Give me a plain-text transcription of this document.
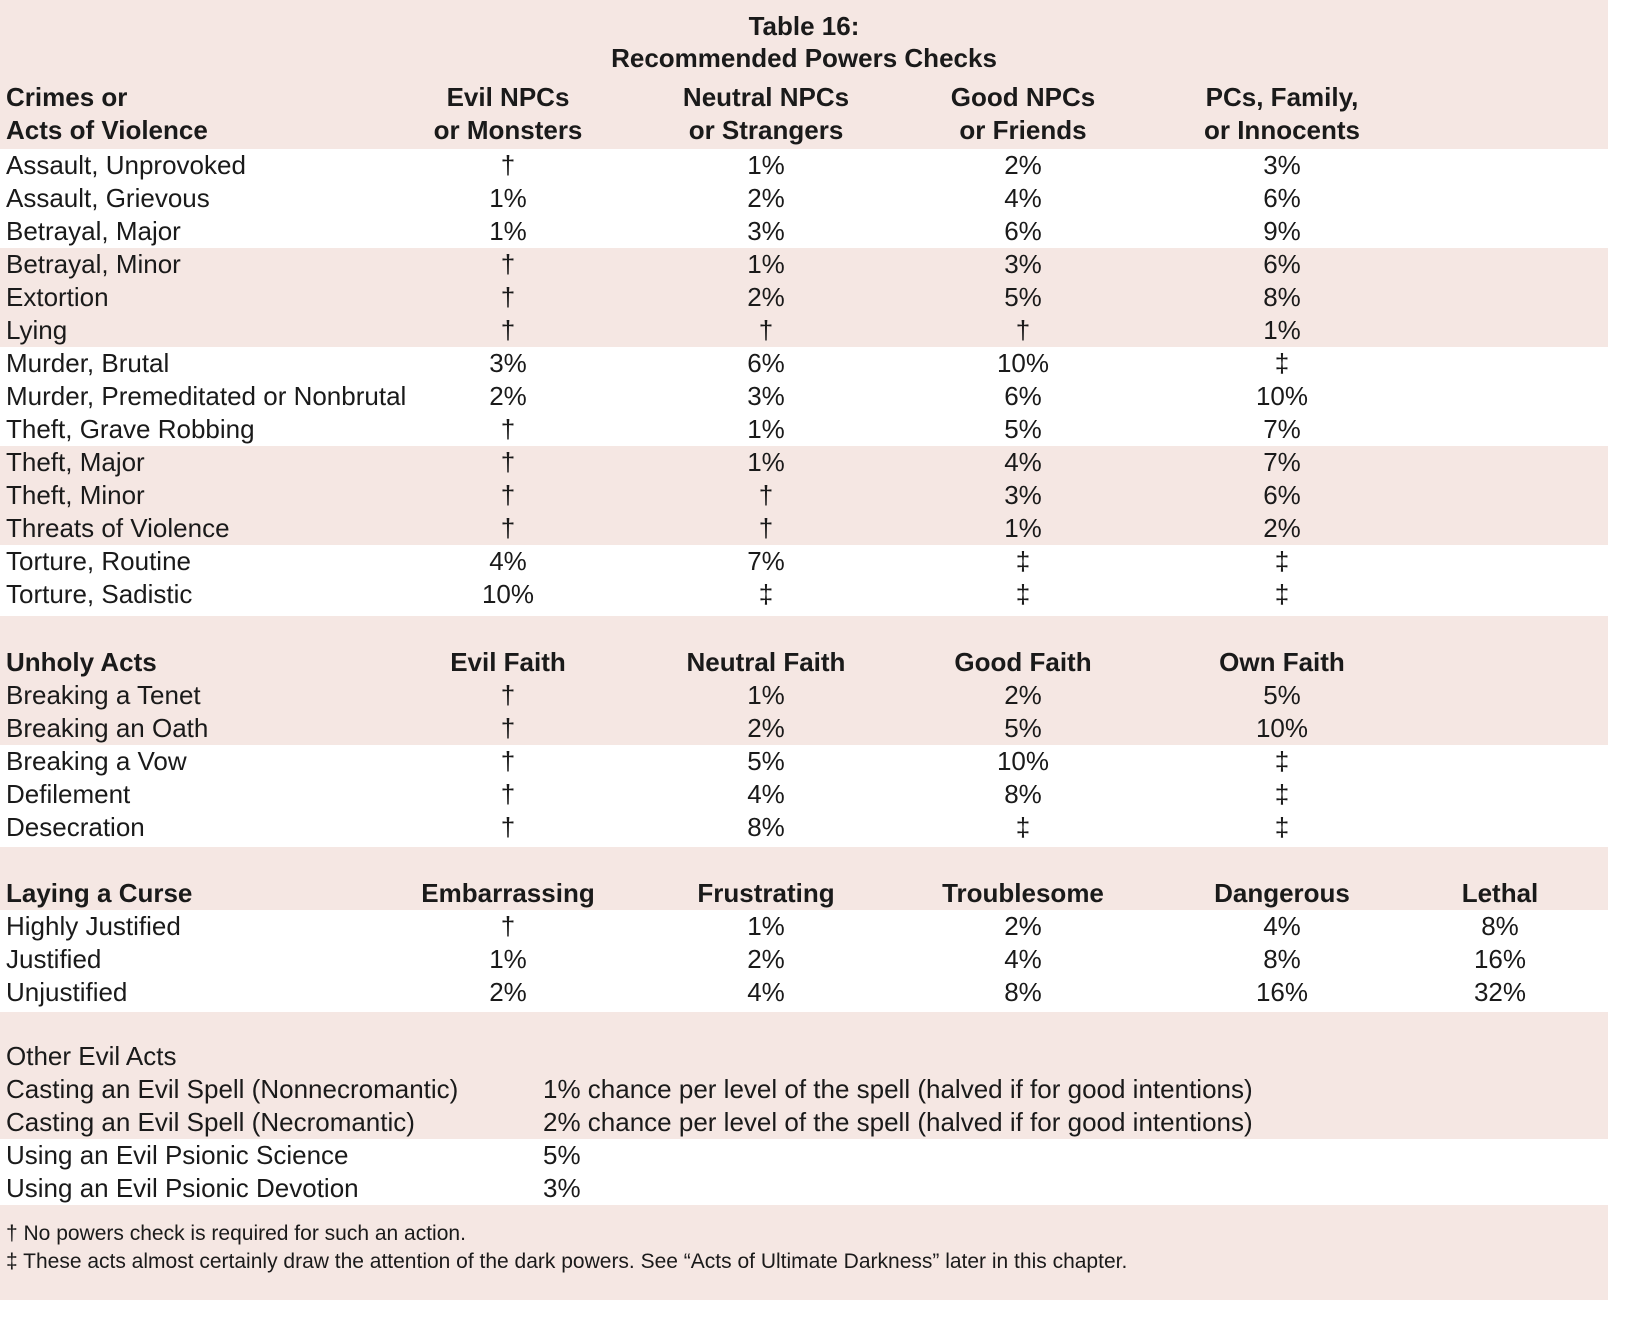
Table 16:
Recommended Powers Checks
Crimes or	Evil NPCs	Neutral NPCs	Good NPCs	PCs, Family,
Acts of Violence	or Monsters	or Strangers	or Friends	or Innocents
Assault, Unprovoked	†	1%	2%	3%
Assault, Grievous	1%	2%	4%	6%
Betrayal, Major	1%	3%	6%	9%
Betrayal, Minor	†	1%	3%	6%
Extortion	†	2%	5%	8%
Lying	†	†	†	1%
Murder, Brutal	3%	6%	10%	‡
Murder, Premeditated or Nonbrutal	2%	3%	6%	10%
Theft, Grave Robbing	†	1%	5%	7%
Theft, Major	†	1%	4%	7%
Theft, Minor	†	†	3%	6%
Threats of Violence	†	†	1%	2%
Torture, Routine	4%	7%	‡	‡
Torture, Sadistic	10%	‡	‡	‡
Unholy Acts	Evil Faith	Neutral Faith	Good Faith	Own Faith
Breaking a Tenet	†	1%	2%	5%
Breaking an Oath	†	2%	5%	10%
Breaking a Vow	†	5%	10%	‡
Defilement	†	4%	8%	‡
Desecration	†	8%	‡	‡
Laying a Curse	Embarrassing	Frustrating	Troublesome	Dangerous	Lethal
Highly Justified	†	1%	2%	4%	8%
Justified	1%	2%	4%	8%	16%
Unjustified	2%	4%	8%	16%	32%
Other Evil Acts
Casting an Evil Spell (Nonnecromantic)	1% chance per level of the spell (halved if for good intentions)
Casting an Evil Spell (Necromantic)	2% chance per level of the spell (halved if for good intentions)
Using an Evil Psionic Science	5%
Using an Evil Psionic Devotion	3%
† No powers check is required for such an action.
‡ These acts almost certainly draw the attention of the dark powers. See “Acts of Ultimate Darkness” later in this chapter.
